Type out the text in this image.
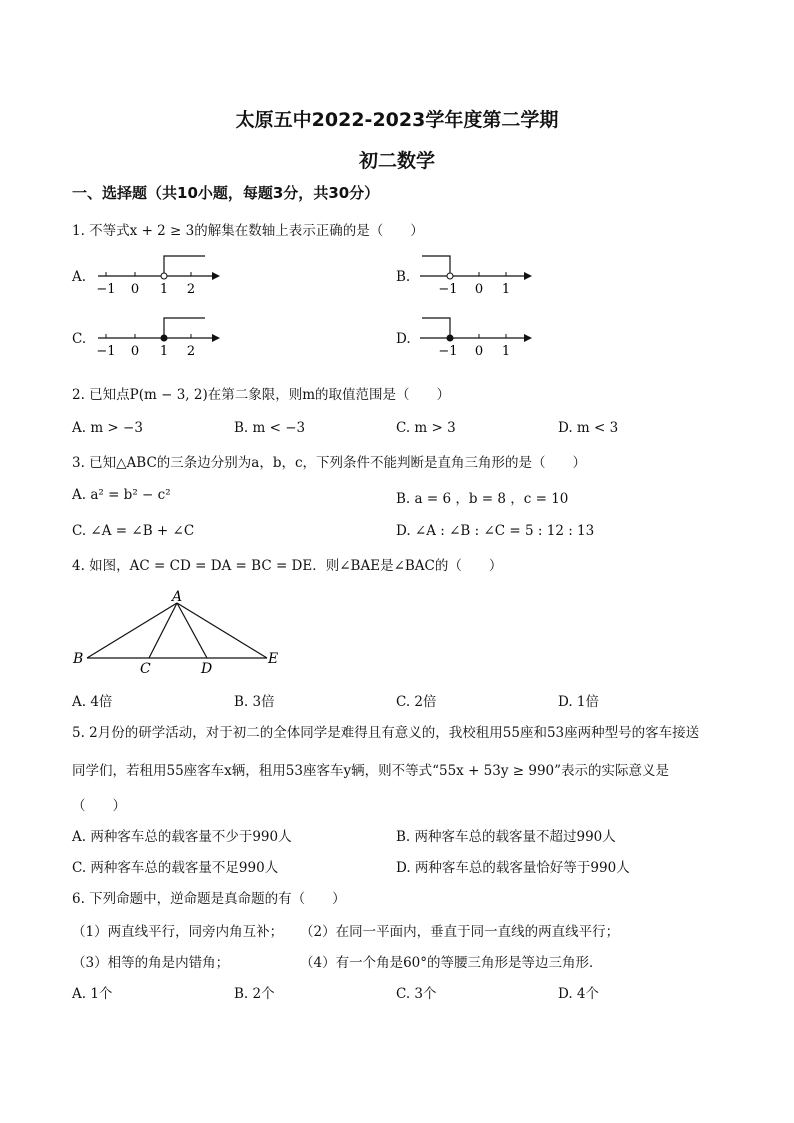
太原五中2022-2023学年度第二学期
初二数学
一、选择题（共10小题，每题3分，共30分）
1. 不等式x + 2 ≥ 3的解集在数轴上表示正确的是（　　）
A.
−1 0 1 2
B.
−1 0 1
C.
−1 0 1 2
D.
−1 0 1
2. 已知点P(m − 3, 2)在第二象限，则m的取值范围是（　　）
A. m > −3	B. m < −3	C. m > 3	D. m < 3
3. 已知△ABC的三条边分别为a，b，c，下列条件不能判断是直角三角形的是（　　）
A. a² = b² − c²	B. a = 6 ，b = 8 ，c = 10
C. ∠A = ∠B + ∠C	D. ∠A : ∠B : ∠C = 5 : 12 : 13
4. 如图，AC = CD = DA = BC = DE．则∠BAE是∠BAC的（　　）
A
B
C	D
E
A. 4倍	B. 3倍	C. 2倍	D. 1倍
5. 2月份的研学活动，对于初二的全体同学是难得且有意义的，我校租用55座和53座两种型号的客车接送
同学们，若租用55座客车x辆，租用53座客车y辆，则不等式“55x + 53y ≥ 990”表示的实际意义是
（　　）
A. 两种客车总的载客量不少于990人	B. 两种客车总的载客量不超过990人
C. 两种客车总的载客量不足990人	D. 两种客车总的载客量恰好等于990人
6. 下列命题中，逆命题是真命题的有（　　）
（1）两直线平行，同旁内角互补； （2）在同一平面内，垂直于同一直线的两直线平行；
（3）相等的角是内错角；	（4）有一个角是60°的等腰三角形是等边三角形．
A. 1个	B. 2个	C. 3个	D. 4个
